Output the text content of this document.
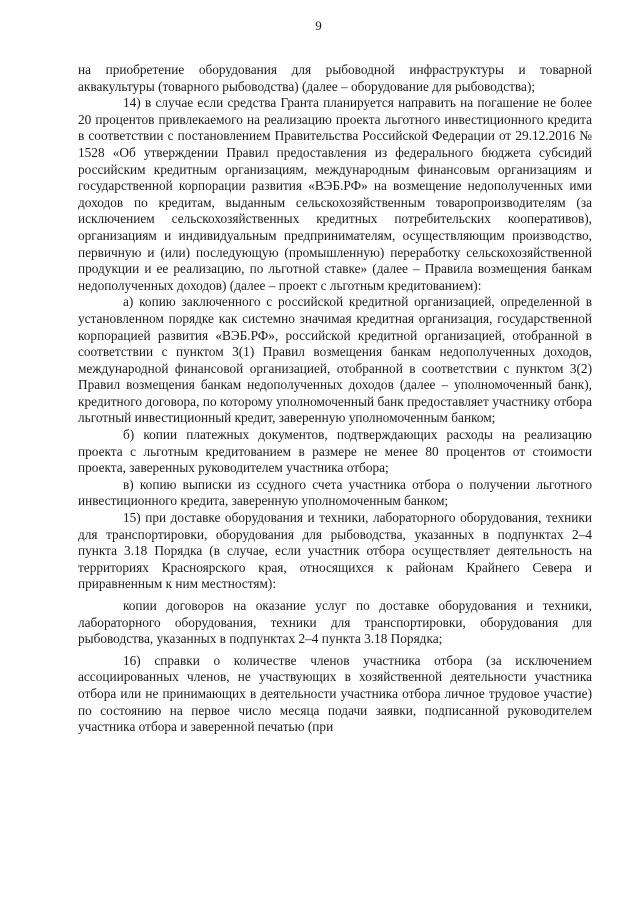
9

на приобретение оборудования для рыбоводной инфраструктуры и товарной аквакультуры (товарного рыбоводства) (далее – оборудование для рыбоводства);

14) в случае если средства Гранта планируется направить на погашение не более 20 процентов привлекаемого на реализацию проекта льготного инвестиционного кредита в соответствии с постановлением Правительства Российской Федерации от 29.12.2016 № 1528 «Об утверждении Правил предоставления из федерального бюджета субсидий российским кредитным организациям, международным финансовым организациям и государственной корпорации развития «ВЭБ.РФ» на возмещение недополученных ими доходов по кредитам, выданным сельскохозяйственным товаропроизводителям (за исключением сельскохозяйственных кредитных потребительских кооперативов), организациям и индивидуальным предпринимателям, осуществляющим производство, первичную и (или) последующую (промышленную) переработку сельскохозяйственной продукции и ее реализацию, по льготной ставке» (далее – Правила возмещения банкам недополученных доходов) (далее – проект с льготным кредитованием):

а) копию заключенного с российской кредитной организацией, определенной в установленном порядке как системно значимая кредитная организация, государственной корпорацией развития «ВЭБ.РФ», российской кредитной организацией, отобранной в соответствии с пунктом 3(1) Правил возмещения банкам недополученных доходов, международной финансовой организацией, отобранной в соответствии с пунктом 3(2) Правил возмещения банкам недополученных доходов (далее – уполномоченный банк), кредитного договора, по которому уполномоченный банк предоставляет участнику отбора льготный инвестиционный кредит, заверенную уполномоченным банком;

б) копии платежных документов, подтверждающих расходы на реализацию проекта с льготным кредитованием в размере не менее 80 процентов от стоимости проекта, заверенных руководителем участника отбора;

в) копию выписки из ссудного счета участника отбора о получении льготного инвестиционного кредита, заверенную уполномоченным банком;

15) при доставке оборудования и техники, лабораторного оборудования, техники для транспортировки, оборудования для рыбоводства, указанных в подпунктах 2–4 пункта 3.18 Порядка (в случае, если участник отбора осуществляет деятельность на территориях Красноярского края, относящихся к районам Крайнего Севера и приравненным к ним местностям):

копии договоров на оказание услуг по доставке оборудования и техники, лабораторного оборудования, техники для транспортировки, оборудования для рыбоводства, указанных в подпунктах 2–4 пункта 3.18 Порядка;

16) справки о количестве членов участника отбора (за исключением ассоциированных членов, не участвующих в хозяйственной деятельности участника отбора или не принимающих в деятельности участника отбора личное трудовое участие) по состоянию на первое число месяца подачи заявки, подписанной руководителем участника отбора и заверенной печатью (при
